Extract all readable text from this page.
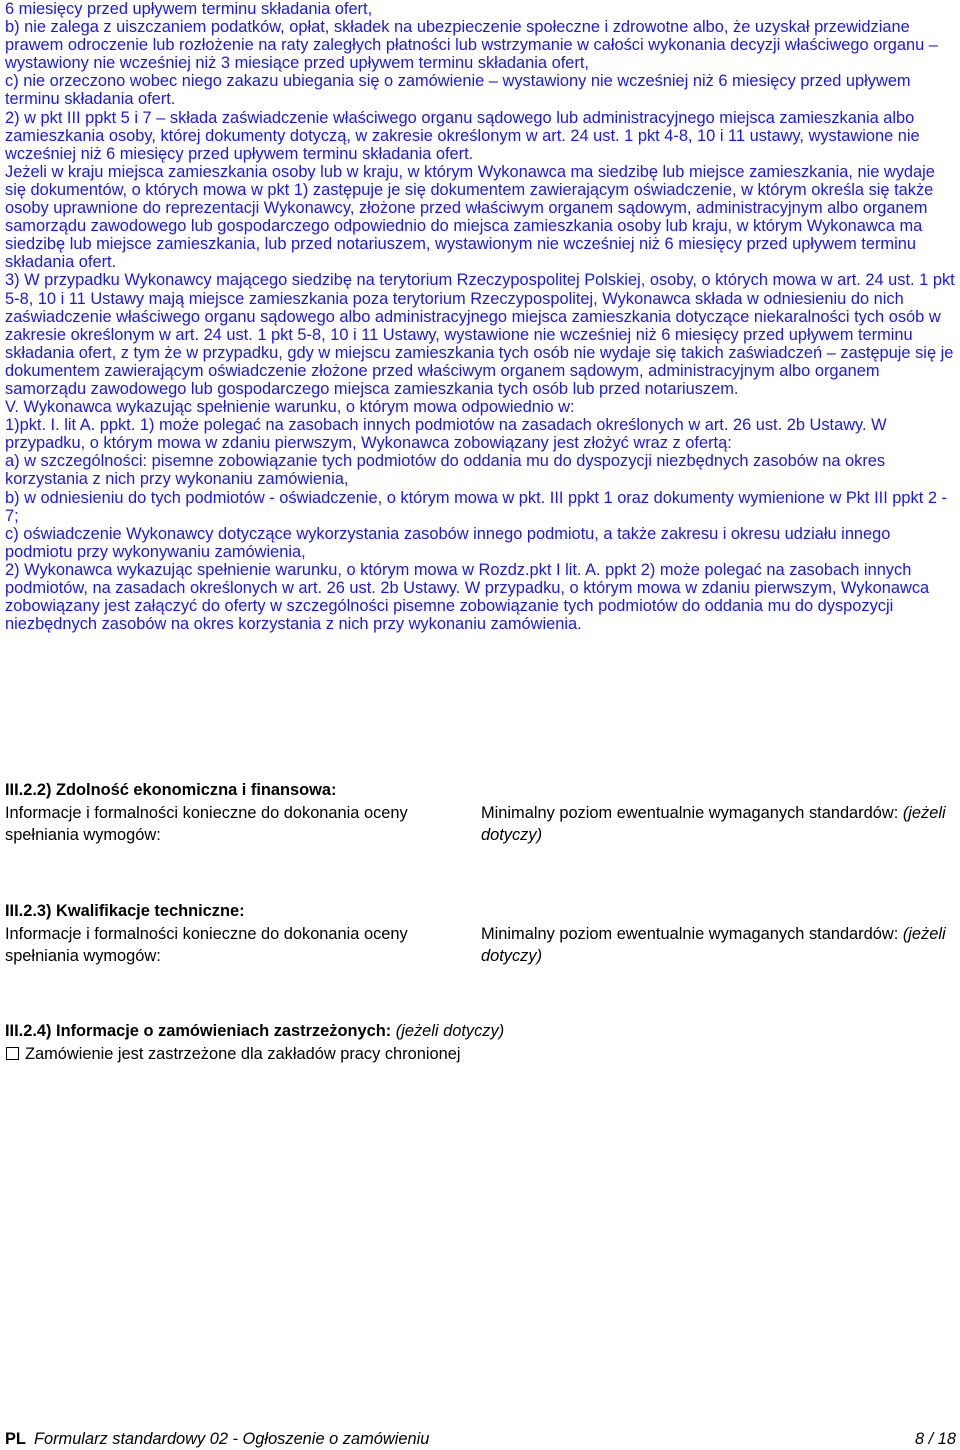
6 miesięcy przed upływem terminu składania ofert,

b) nie zalega z uiszczaniem podatków, opłat, składek na ubezpieczenie społeczne i zdrowotne albo, że uzyskał przewidziane prawem odroczenie lub rozłożenie na raty zaległych płatności lub wstrzymanie w całości wykonania decyzji właściwego organu – wystawiony nie wcześniej niż 3 miesiące przed upływem terminu składania ofert,

c) nie orzeczono wobec niego zakazu ubiegania się o zamówienie – wystawiony nie wcześniej niż 6 miesięcy przed upływem terminu składania ofert.

2) w pkt III ppkt 5 i 7 – składa zaświadczenie właściwego organu sądowego lub administracyjnego miejsca zamieszkania albo zamieszkania osoby, której dokumenty dotyczą, w zakresie określonym w art. 24 ust. 1 pkt 4-8, 10 i 11 ustawy, wystawione nie wcześniej niż 6 miesięcy przed upływem terminu składania ofert.

Jeżeli w kraju miejsca zamieszkania osoby lub w kraju, w którym Wykonawca ma siedzibę lub miejsce zamieszkania, nie wydaje się dokumentów, o których mowa w pkt 1) zastępuje je się dokumentem zawierającym oświadczenie, w którym określa się także osoby uprawnione do reprezentacji Wykonawcy, złożone przed właściwym organem sądowym, administracyjnym albo organem samorządu zawodowego lub gospodarczego odpowiednio do miejsca zamieszkania osoby lub kraju, w którym Wykonawca ma siedzibę lub miejsce zamieszkania, lub przed notariuszem, wystawionym nie wcześniej niż 6 miesięcy przed upływem terminu składania ofert.

3) W przypadku Wykonawcy mającego siedzibę na terytorium Rzeczypospolitej Polskiej, osoby, o których mowa w art. 24 ust. 1 pkt 5-8, 10 i 11 Ustawy mają miejsce zamieszkania poza terytorium Rzeczypospolitej, Wykonawca składa w odniesieniu do nich zaświadczenie właściwego organu sądowego albo administracyjnego miejsca zamieszkania dotyczące niekaralności tych osób w zakresie określonym w art. 24 ust. 1 pkt 5-8, 10 i 11 Ustawy, wystawione nie wcześniej niż 6 miesięcy przed upływem terminu składania ofert, z tym że w przypadku, gdy w miejscu zamieszkania tych osób nie wydaje się takich zaświadczeń – zastępuje się je dokumentem zawierającym oświadczenie złożone przed właściwym organem sądowym, administracyjnym albo organem samorządu zawodowego lub gospodarczego miejsca zamieszkania tych osób lub przed notariuszem.

V. Wykonawca wykazując spełnienie warunku, o którym mowa odpowiednio w:

1)pkt. I. lit A. ppkt. 1) może polegać na zasobach innych podmiotów na zasadach określonych w art. 26 ust. 2b Ustawy. W przypadku, o którym mowa w zdaniu pierwszym, Wykonawca zobowiązany jest złożyć wraz z ofertą:

a) w szczególności: pisemne zobowiązanie tych podmiotów do oddania mu do dyspozycji niezbędnych zasobów na okres korzystania z nich przy wykonaniu zamówienia,

b) w odniesieniu do tych podmiotów - oświadczenie, o którym mowa w pkt. III ppkt 1 oraz dokumenty wymienione w Pkt III ppkt 2 - 7;

c) oświadczenie Wykonawcy dotyczące wykorzystania zasobów innego podmiotu, a także zakresu i okresu udziału innego podmiotu przy wykonywaniu zamówienia,

2) Wykonawca wykazując spełnienie warunku, o którym mowa w Rozdz.pkt I lit. A. ppkt 2) może polegać na zasobach innych podmiotów, na zasadach określonych w art. 26 ust. 2b Ustawy. W przypadku, o którym mowa w zdaniu pierwszym, Wykonawca zobowiązany jest załączyć do oferty w szczególności pisemne zobowiązanie tych podmiotów do oddania mu do dyspozycji niezbędnych zasobów na okres korzystania z nich przy wykonaniu zamówienia.

III.2.2) Zdolność ekonomiczna i finansowa:

Informacje i formalności konieczne do dokonania oceny spełniania wymogów:
Minimalny poziom ewentualnie wymaganych standardów: (jeżeli dotyczy)

III.2.3) Kwalifikacje techniczne:

Informacje i formalności konieczne do dokonania oceny spełniania wymogów:
Minimalny poziom ewentualnie wymaganych standardów: (jeżeli dotyczy)

III.2.4) Informacje o zamówieniach zastrzeżonych: (jeżeli dotyczy)

Zamówienie jest zastrzeżone dla zakładów pracy chronionej
PL Formularz standardowy 02 - Ogłoszenie o zamówieniu	8 / 18
